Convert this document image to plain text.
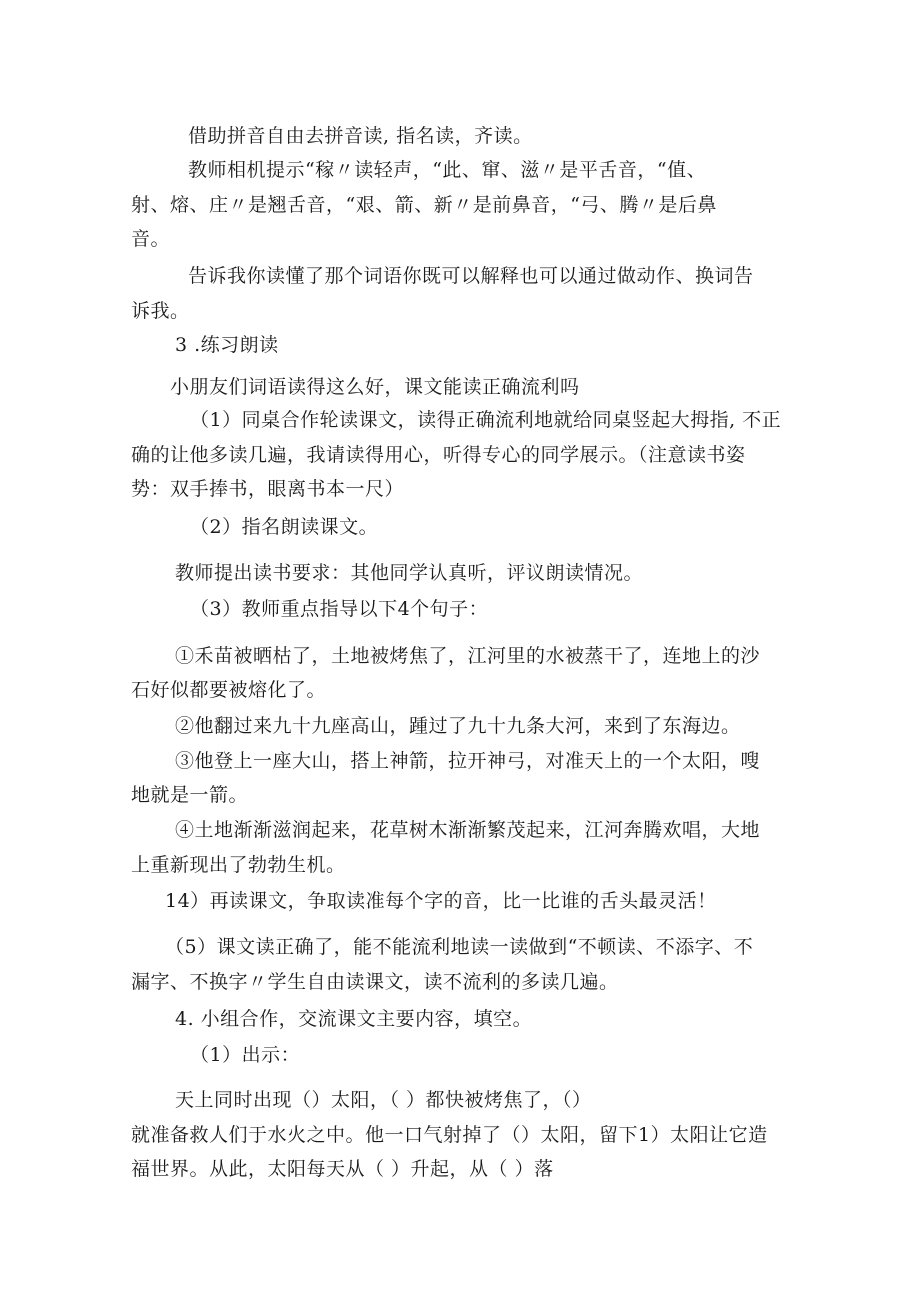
借助拼音自由去拼音读, 指名读，齐读。
教师相机提示“稼〃读轻声，“此、窜、滋〃是平舌音，“值、
射、熔、庄〃是翘舌音，“艰、箭、新〃是前鼻音，“弓、腾〃是后鼻
音。
告诉我你读懂了那个词语你既可以解释也可以通过做动作、换词告
诉我。
3 .练习朗读
小朋友们词语读得这么好，课文能读正确流利吗
（1）同桌合作轮读课文，读得正确流利地就给同桌竖起大拇指, 不正
确的让他多读几遍，我请读得用心，听得专心的同学展示。（注意读书姿
势：双手捧书，眼离书本一尺）
（2）指名朗读课文。
教师提出读书要求：其他同学认真听，评议朗读情况。
（3）教师重点指导以下4个句子：
①禾苗被晒枯了，土地被烤焦了，江河里的水被蒸干了，连地上的沙
石好似都要被熔化了。
②他翻过来九十九座高山，踵过了九十九条大河，来到了东海边。
③他登上一座大山，搭上神箭，拉开神弓，对准天上的一个太阳，嗖
地就是一箭。
④土地渐渐滋润起来，花草树木渐渐繁茂起来，江河奔腾欢唱，大地
上重新现出了勃勃生机。
14）再读课文，争取读准每个字的音，比一比谁的舌头最灵活！
（5）课文读正确了，能不能流利地读一读做到“不顿读、不添字、不
漏字、不换字〃学生自由读课文，读不流利的多读几遍。
4. 小组合作，交流课文主要内容，填空。
（1）出示：
天上同时出现（）太阳，（ ）都快被烤焦了，（）
就准备救人们于水火之中。他一口气射掉了（）太阳，留下1）太阳让它造
福世界。从此，太阳每天从（ ）升起，从（ ）落
